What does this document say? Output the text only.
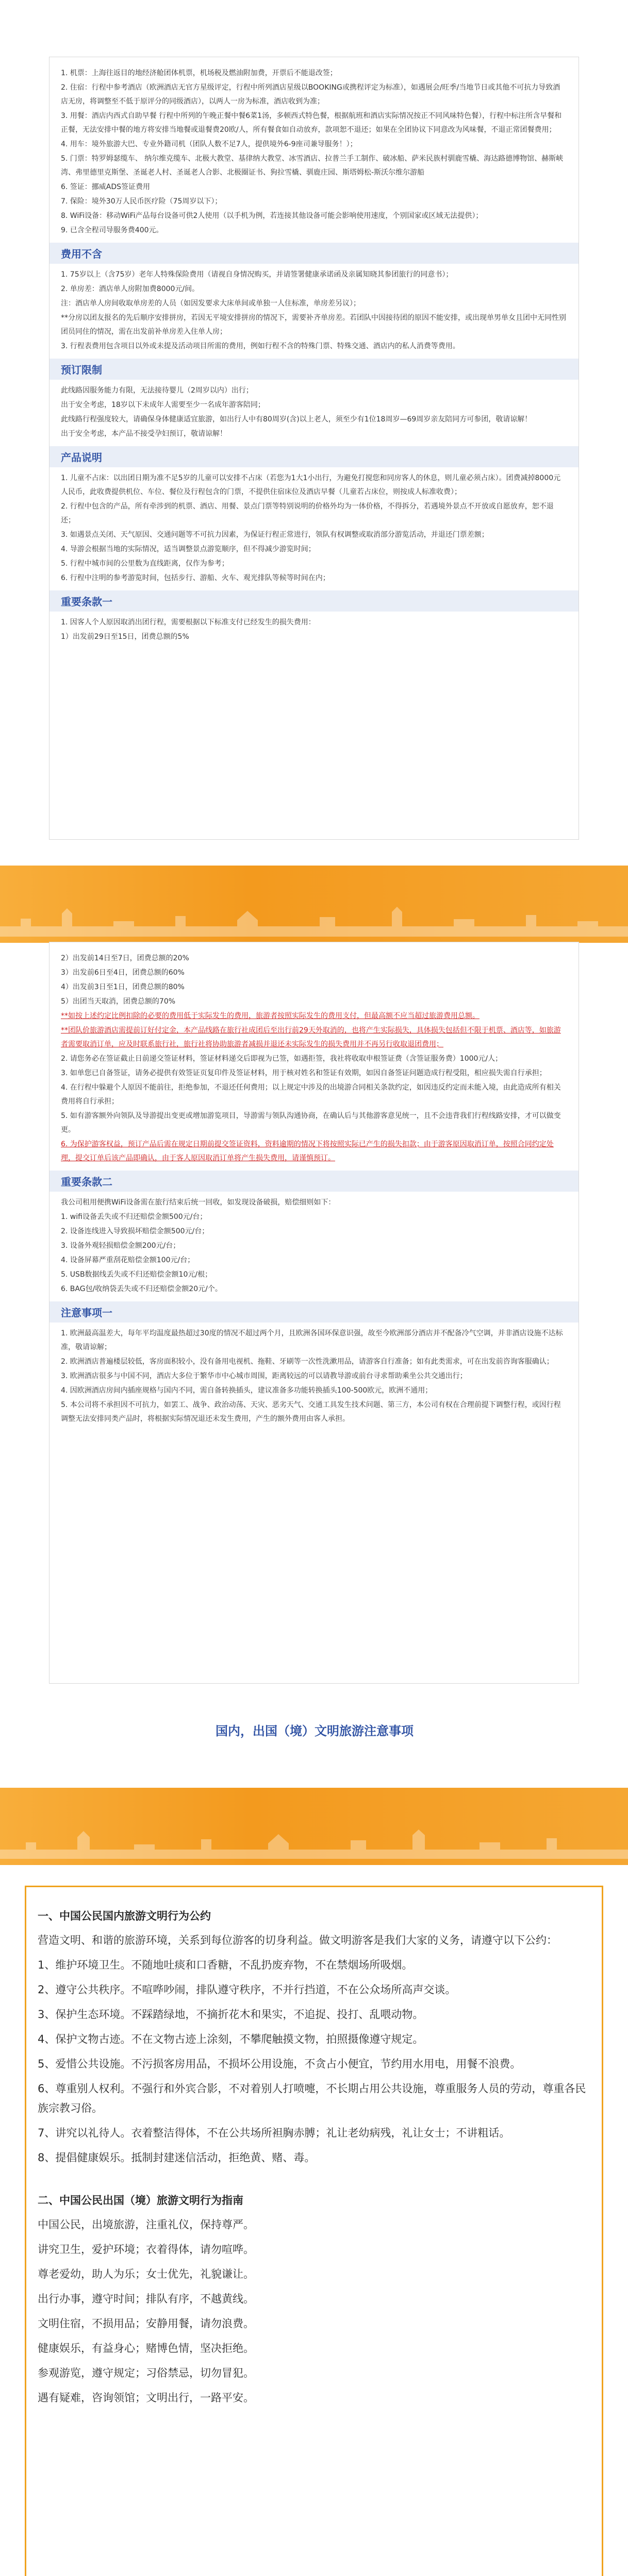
1. 机票：上海往返目的地经济舱团体机票，机场税及燃油附加费，开票后不能退改签；

2. 住宿：行程中参考酒店（欧洲酒店无官方星级评定，行程中所列酒店星级以BOOKING或携程评定为标准），如遇展会/旺季/当地节日或其他不可抗力导致酒店无房，将调整至不低于原评分的同级酒店），以两人一房为标准，酒店收到为准；

3. 用餐：酒店内西式自助早餐 行程中所列的午晚正餐中餐6菜1汤，多顿西式特色餐，根据航班和酒店实际情况按正不同风味特色餐），行程中标注所含早餐和正餐，无法安排中餐的地方将安排当地餐或退餐费20欧/人，所有餐食如自动放弃，款项恕不退还；如果在全团协议下同意改为风味餐，不退正常团餐费用；

4. 用车：境外旅游大巴、专业外籍司机（团队人数不足7人，提供境外6-9座司兼导服务！）；

5. 门票：特罗姆瑟缆车、 纳尔维克缆车、北极大教堂、基律纳大教堂、冰雪酒店、拉普兰手工制作、破冰船、萨米民族村驯鹿雪橇、海达路德博物馆、赫斯峡湾、弗里德里克斯堡、圣诞老人村、圣诞老人合影、北极圈证书、狗拉雪橇、驯鹿庄园、斯塔姆松-斯沃尔维尔游船

6. 签证：挪威ADS签证费用

7. 保险：境外30万人民币医疗险（75周岁以下）；

8. WiFi设备：移动WiFi产品每台设备可供2人使用（以手机为例，若连接其他设备可能会影响使用速度，个别国家或区域无法提供）；

9. 已含全程司导服务费400元。

费用不含

1. 75岁以上（含75岁）老年人特殊保险费用（请视自身情况购买，并请签署健康承诺函及亲属知晓其参团旅行的同意书）；

2. 单房差：酒店单人房附加费8000元/间。

注：酒店单人房间收取单房差的人员（如因发要求大床单间或单独一人住标准，单房差另议）；

**分房以团友报名的先后顺序安排拼房，若因无平境安排拼房的情况下，需要补齐单房差。若团队中因接待团的原因不能安排，或出现单男单女且团中无同性别团员同住的情况，需在出发前补单房差入住单人房；

3. 行程表费用包含项目以外或未提及活动项目所需的费用，例如行程不含的特殊门票、特殊交通、酒店内的私人消费等费用。

预订限制

此线路因服务能力有限，无法接待婴儿（2周岁以内）出行；

出于安全考虑，18岁以下未成年人需要至少一名成年游客陪同；

此线路行程强度较大，请确保身体健康适宜旅游，如出行人中有80周岁(含)以上老人，须至少有1位18周岁—69周岁亲友陪同方可参团，敬请谅解！

出于安全考虑，本产品不接受孕妇预订，敬请谅解！

产品说明

1. 儿童不占床：以出团日期为准不足5岁的儿童可以安排不占床（若您为1大1小出行，为避免打搅您和同房客人的休息，则儿童必须占床）。团费减掉8000元人民币，此收费提供机位、车位、餐位及行程包含的门票，不提供住宿床位及酒店早餐（儿童若占床位，则按成人标准收费）；

2. 行程中包含的产品，所有牵涉到的机票、酒店、用餐、景点门票等特别说明的价格外均为一体价格，不得拆分，若遇境外景点不开放或自愿放弃，恕不退还；

3. 如遇景点关闭、天气原因、交通问题等不可抗力因素，为保证行程正常进行，领队有权调整或取消部分游览活动，并退还门票差额；

4. 导游会根据当地的实际情况，适当调整景点游览顺序，但不得减少游览时间；

5. 行程中城市间的公里数为直线距离，仅作为参考；

6. 行程中注明的参考游览时间，包括步行、游船、火车、观光排队等候等时间在内；

重要条款一

1. 因客人个人原因取消出团行程，需要根据以下标准支付已经发生的损失费用：

1）出发前29日至15日，团费总额的5%

2）出发前14日至7日，团费总额的20%

3）出发前6日至4日，团费总额的60%

4）出发前3日至1日，团费总额的80%

5）出团当天取消，团费总额的70%

**如按上述约定比例扣除的必要的费用低于实际发生的费用，旅游者按照实际发生的费用支付，但最高额不应当超过旅游费用总额。

**团队价旅游酒店需提前订好付定金，本产品线路在旅行社成团后至出行前29天外取消的，也将产生实际损失，具体损失包括但不限于机票、酒店等，如旅游者需要取消订单，应及时联系旅行社，旅行社将协助旅游者减损并退还未实际发生的损失费用并不再另行收取退团费用；

2. 请您务必在签证截止日前递交签证材料，签证材料递交后即视为已签，如遇拒签，我社将收取申根签证费（含签证服务费）1000元/人；

3. 如单您已自备签证，请务必提供有效签证页复印件及签证材料，用于核对姓名和签证有效期，如因自备签证问题造成行程受阻，相应损失需自行承担；

4. 在行程中躲避个人原因不能前往，拒绝参加，不退还任何费用；以上规定中涉及的出境游合同相关条款约定，如因违反约定而未能入境，由此造成所有相关费用将自行承担；

5. 如有游客额外向领队及导游提出变更或增加游览项目，导游需与领队沟通协商，在确认后与其他游客意见统一，且不会违背我们行程线路安排，才可以做变更。

6. 为保护游客权益，预订产品后需在规定日期前提交签证资料，资料逾期的情况下将按照实际已产生的损失扣款；由于游客原因取消订单，按照合同约定处理，提交订单后该产品即确认，由于客人原因取消订单将产生损失费用，请谨慎预订。

重要条款二

我公司租用便携WiFi设备需在旅行结束后统一回收，如发现设备破损，赔偿细则如下：

1. wifi设备丢失或不归还赔偿金额500元/台；

2. 设备连线进入导致损坏赔偿金额500元/台；

3. 设备外观轻损赔偿金额200元/台；

4. 设备屏幕严重刮花赔偿金额100元/台；

5. USB数据线丢失或不归还赔偿金额10元/根；

6. BAG包/收纳袋丢失或不归还赔偿金额20元/个。

注意事项一

1. 欧洲最高温差大，每年平均温度最热超过30度的情况不超过两个月，且欧洲各国环保意识强，故至今欧洲部分酒店并不配备冷气空调，并非酒店设施不达标准，敬请谅解；

2. 欧洲酒店普遍楼层较低，客房面积较小，没有备用电视机、拖鞋、牙刷等一次性洗漱用品，请游客自行准备；如有此类需求，可在出发前咨询客服确认；

3. 欧洲酒店很多与中国不同，酒店大多位于繁华市中心城市周围，距离较远的可以请教导游或前台寻求帮助乘坐公共交通出行；

4. 因欧洲酒店房间内插座规格与国内不同，需自备转换插头，建议准备多功能转换插头100-500欧元，欧洲不通用；

5. 本公司将不承担因不可抗力，如罢工、战争、政治动荡、天灾、恶劣天气、交通工具发生技术问题、第三方，本公司有权在合理前提下调整行程，或因行程调整无法安排同类产品时，将根据实际情况退还未发生费用，产生的额外费用由客人承担。

国内，出国（境）文明旅游注意事项
一、中国公民国内旅游文明行为公约

营造文明、和谐的旅游环境，关系到每位游客的切身利益。做文明游客是我们大家的义务，请遵守以下公约：

1、维护环境卫生。不随地吐痰和口香糖，不乱扔废弃物，不在禁烟场所吸烟。

2、遵守公共秩序。不喧哗吵闹，排队遵守秩序，不并行挡道，不在公众场所高声交谈。

3、保护生态环境。不踩踏绿地，不摘折花木和果实，不追捉、投打、乱喂动物。

4、保护文物古迹。不在文物古迹上涂刻，不攀爬触摸文物，拍照摄像遵守规定。

5、爱惜公共设施。不污损客房用品，不损坏公用设施，不贪占小便宜，节约用水用电，用餐不浪费。

6、尊重别人权利。不强行和外宾合影，不对着别人打喷嚏，不长期占用公共设施，尊重服务人员的劳动，尊重各民族宗教习俗。

7、讲究以礼待人。衣着整洁得体，不在公共场所袒胸赤膊；礼让老幼病残，礼让女士；不讲粗话。

8、提倡健康娱乐。抵制封建迷信活动，拒绝黄、赌、毒。

二、中国公民出国（境）旅游文明行为指南

中国公民，出境旅游，注重礼仪，保持尊严。

讲究卫生，爱护环境；衣着得体，请勿喧哗。

尊老爱幼，助人为乐；女士优先，礼貌谦让。

出行办事，遵守时间；排队有序，不越黄线。

文明住宿，不损用品；安静用餐，请勿浪费。

健康娱乐，有益身心；赌博色情，坚决拒绝。

参观游览，遵守规定；习俗禁忌，切勿冒犯。

遇有疑难，咨询领馆；文明出行，一路平安。
